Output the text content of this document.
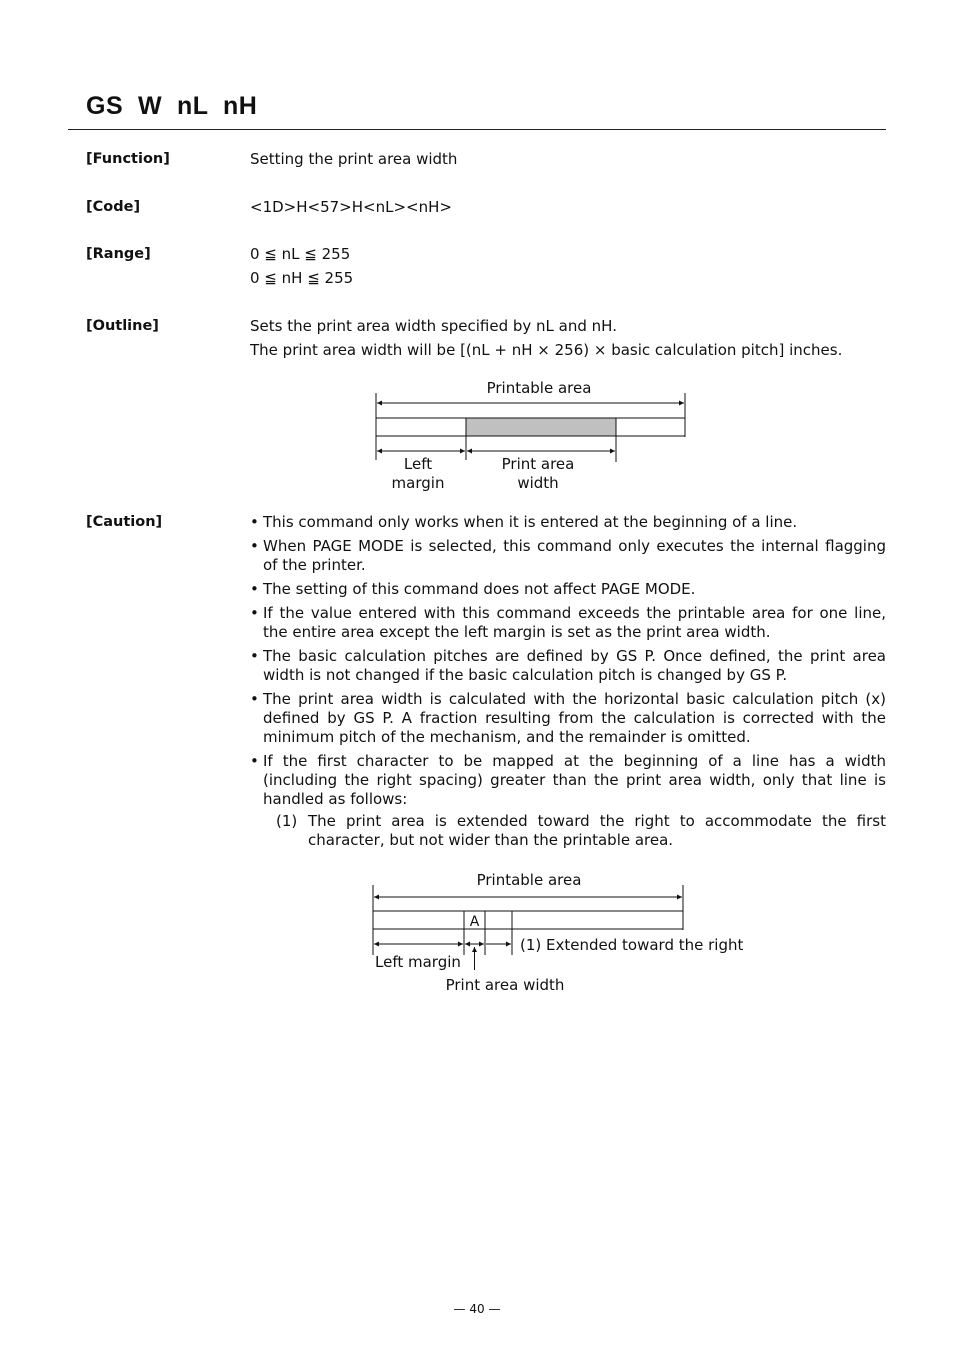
GS  W  nL  nH
[Function]	Setting the print area width
[Code]	<1D>H<57>H<nL><nH>
[Range]	0 ≦ nL ≦ 255
0 ≦ nH ≦ 255
[Outline]	Sets the print area width specified by nL and nH.
The print area width will be [(nL + nH × 256) × basic calculation pitch] inches.
Printable area
Left
margin
Print area
width
Printable area
A
(1) Extended toward the right
Left margin
Print area width
[Caution]	• This command only works when it is entered at the beginning of a line.
• When PAGE MODE is selected, this command only executes the internal flagging of the printer.
• The setting of this command does not affect PAGE MODE.
• If the value entered with this command exceeds the printable area for one line, the entire area except the left margin is set as the print area width.
• The basic calculation pitches are defined by GS P. Once defined, the print area width is not changed if the basic calculation pitch is changed by GS P.
• The print area width is calculated with the horizontal basic calculation pitch (x) defined by GS P. A fraction resulting from the calculation is corrected with the minimum pitch of the mechanism, and the remainder is omitted.
• If the first character to be mapped at the beginning of a line has a width (including the right spacing) greater than the print area width, only that line is handled as follows:
(1) The print area is extended toward the right to accommodate the first character, but not wider than the printable area.
— 40 —
